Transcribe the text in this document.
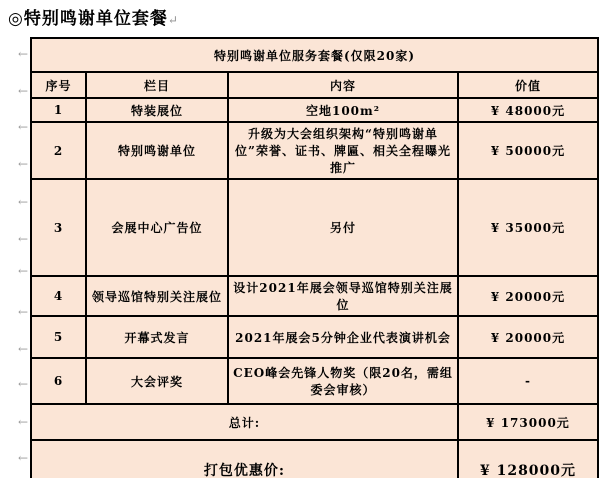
◎特别鸣谢单位套餐↵
←
←
←
←
←
←
←
←
←
←
←
←
特别鸣谢单位服务套餐(仅限20家)			
序号	栏目	内容	价值
1	特装展位	空地100m²	¥ 48000元
2	特别鸣谢单位	升级为大会组织架构“特别鸣谢单位”荣誉、证书、牌匾、相关全程曝光推广	¥ 50000元
3	会展中心广告位	另付	¥ 35000元
4	领导巡馆特别关注展位	设计2021年展会领导巡馆特别关注展位	¥ 20000元
5	开幕式发言	2021年展会5分钟企业代表演讲机会	¥ 20000元
6	大会评奖	CEO峰会先锋人物奖（限20名，需组委会审核）	-
总计:			¥ 173000元
打包优惠价:			¥ 128000元
